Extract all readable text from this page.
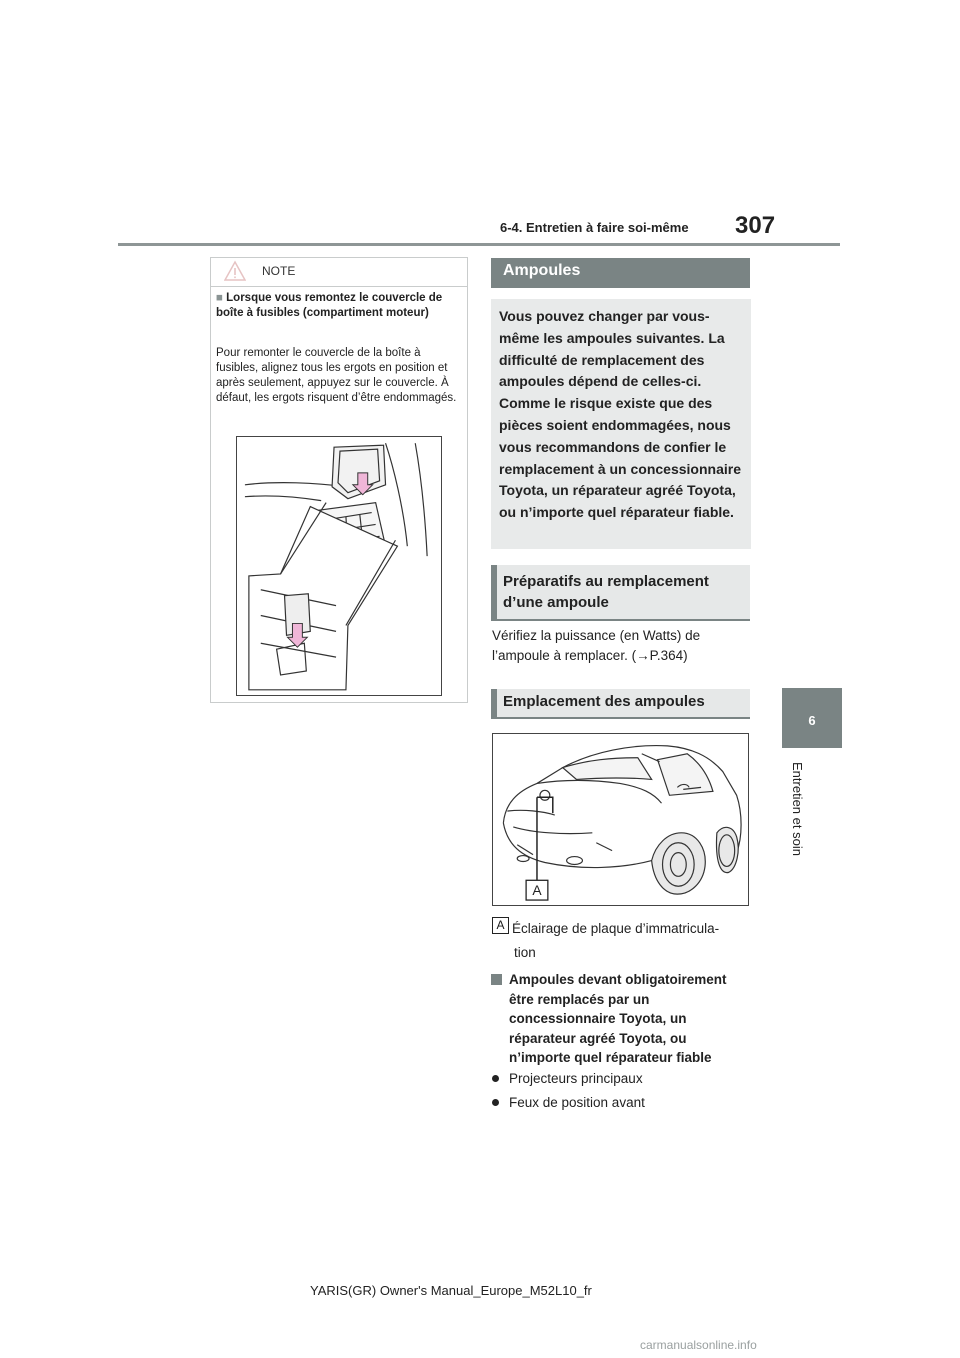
6-4. Entretien à faire soi-même 307
6
Entretien et soin
NOTE
■ Lorsque vous remontez le couvercle de boîte à fusibles (compartiment moteur)
Pour remonter le couvercle de la boîte à fusibles, alignez tous les ergots en position et après seulement, appuyez sur le couvercle. À défaut, les ergots risquent d’être endommagés.
Ampoules
Vous pouvez changer par vous-même les ampoules suivantes. La difficulté de remplacement des ampoules dépend de celles-ci. Comme le risque existe que des pièces soient endommagées, nous vous recommandons de confier le remplacement à un concessionnaire Toyota, un réparateur agréé Toyota, ou n’importe quel réparateur fiable.
Préparatifs au remplacement d’une ampoule
Vérifiez la puissance (en Watts) de l’ampoule à remplacer. (→P.364)
Emplacement des ampoules
A
A Éclairage de plaque d’immatricula-
tion
Ampoules devant obligatoirement être remplacés par un concessionnaire Toyota, un réparateur agréé Toyota, ou n’importe quel réparateur fiable
Projecteurs principaux
Feux de position avant
YARIS(GR) Owner's Manual_Europe_M52L10_fr
carmanualsonline.info
